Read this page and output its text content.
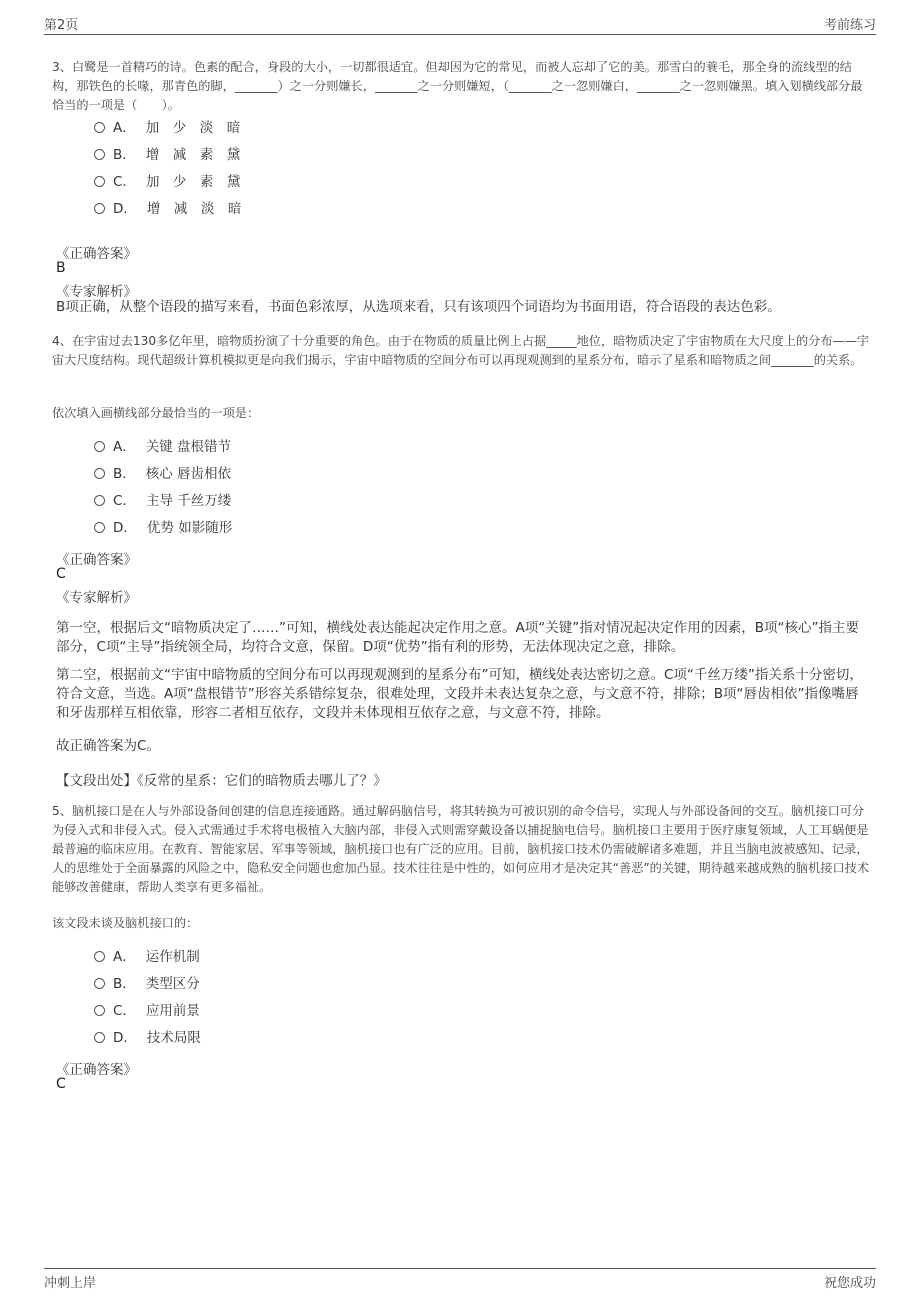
第2页	考前练习
3、白鹭是一首精巧的诗。色素的配合，身段的大小，一切都很适宜。但却因为它的常见，而被人忘却了它的美。那雪白的蓑毛，那全身的流线型的结构，那铁色的长喙，那青色的脚，_______）之一分则嫌长，_______之一分则嫌短，（_______之一忽则嫌白，_______之一忽则嫌黑。填入划横线部分最恰当的一项是（　　）。
A． 加　少　淡　暗
B． 增　减　素　黛
C． 加　少　素　黛
D． 增　减　淡　暗
《正确答案》
B
《专家解析》
B项正确，从整个语段的描写来看，书面色彩浓厚，从选项来看，只有该项四个词语均为书面用语，符合语段的表达色彩。
4、在宇宙过去130多亿年里，暗物质扮演了十分重要的角色。由于在物质的质量比例上占据_____地位，暗物质决定了宇宙物质在大尺度上的分布——宇宙大尺度结构。现代超级计算机模拟更是向我们揭示，宇宙中暗物质的空间分布可以再现观测到的星系分布，暗示了星系和暗物质之间_______的关系。
依次填入画横线部分最恰当的一项是：
A． 关键 盘根错节
B． 核心 唇齿相依
C． 主导 千丝万缕
D． 优势 如影随形
《正确答案》
C
《专家解析》
第一空，根据后文“暗物质决定了……”可知，横线处表达能起决定作用之意。A项“关键”指对情况起决定作用的因素，B项“核心”指主要部分，C项“主导”指统领全局，均符合文意，保留。D项“优势”指有利的形势，无法体现决定之意，排除。
第二空，根据前文“宇宙中暗物质的空间分布可以再现观测到的星系分布”可知，横线处表达密切之意。C项“千丝万缕”指关系十分密切，符合文意，当选。A项“盘根错节”形容关系错综复杂，很难处理，文段并未表达复杂之意，与文意不符，排除；B项“唇齿相依”指像嘴唇和牙齿那样互相依靠，形容二者相互依存，文段并未体现相互依存之意，与文意不符，排除。
故正确答案为C。
【文段出处】《反常的星系：它们的暗物质去哪儿了？》
5、脑机接口是在人与外部设备间创建的信息连接通路。通过解码脑信号，将其转换为可被识别的命令信号，实现人与外部设备间的交互。脑机接口可分为侵入式和非侵入式。侵入式需通过手术将电极植入大脑内部，非侵入式则需穿戴设备以捕捉脑电信号。脑机接口主要用于医疗康复领域，人工耳蜗便是最普遍的临床应用。在教育、智能家居、军事等领域，脑机接口也有广泛的应用。目前，脑机接口技术仍需破解诸多难题，并且当脑电波被感知、记录，人的思维处于全面暴露的风险之中，隐私安全问题也愈加凸显。技术往往是中性的，如何应用才是决定其“善恶”的关键，期待越来越成熟的脑机接口技术能够改善健康，帮助人类享有更多福祉。
该文段未谈及脑机接口的：
A． 运作机制
B． 类型区分
C． 应用前景
D． 技术局限
《正确答案》
C
冲刺上岸	祝您成功
